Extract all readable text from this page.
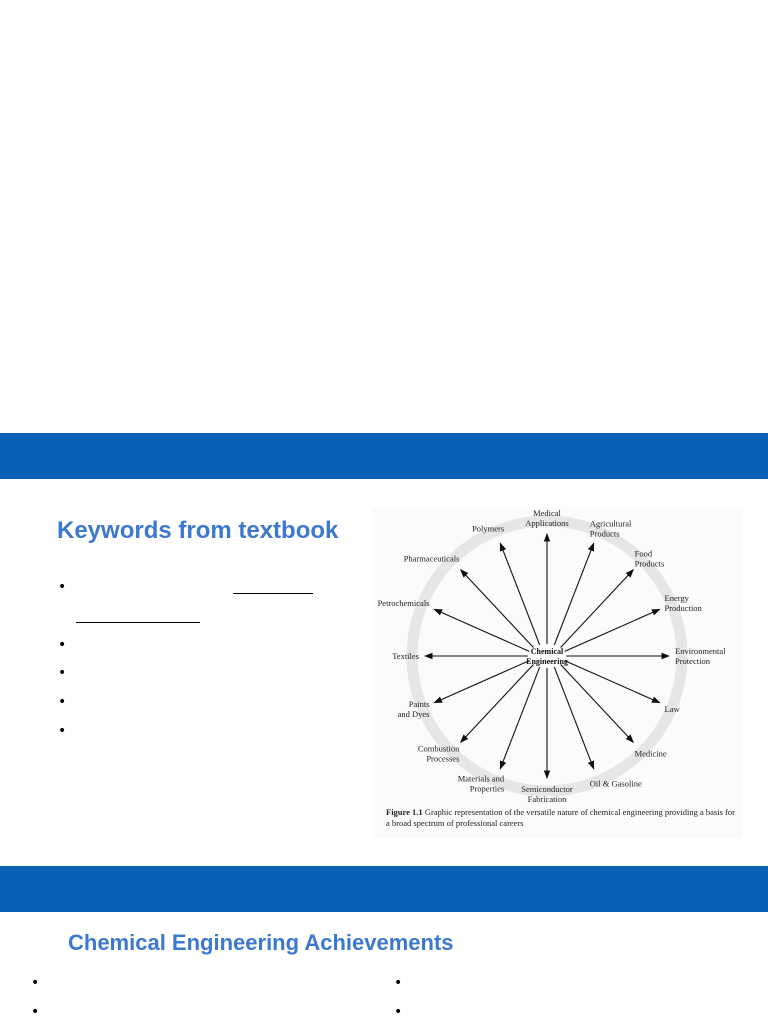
Keywords from textbook
•
•
•
•
•
Medical
Applications Agricultural
Products
Food
Products
Energy
Production
Environmental
Protection
Law
Medicine
Oil & Gasoline
Semiconductor
Fabrication
Materials and
Properties
Combustion
Processes
Paints
and Dyes
Textiles
Petrochemicals
Pharmaceuticals
Polymers
Chemical
Engineering
Figure 1.1 Graphic representation of the versatile nature of chemical engineering providing a basis for a broad spectrum of professional careers
Chemical Engineering Achievements
•
•
•
•
